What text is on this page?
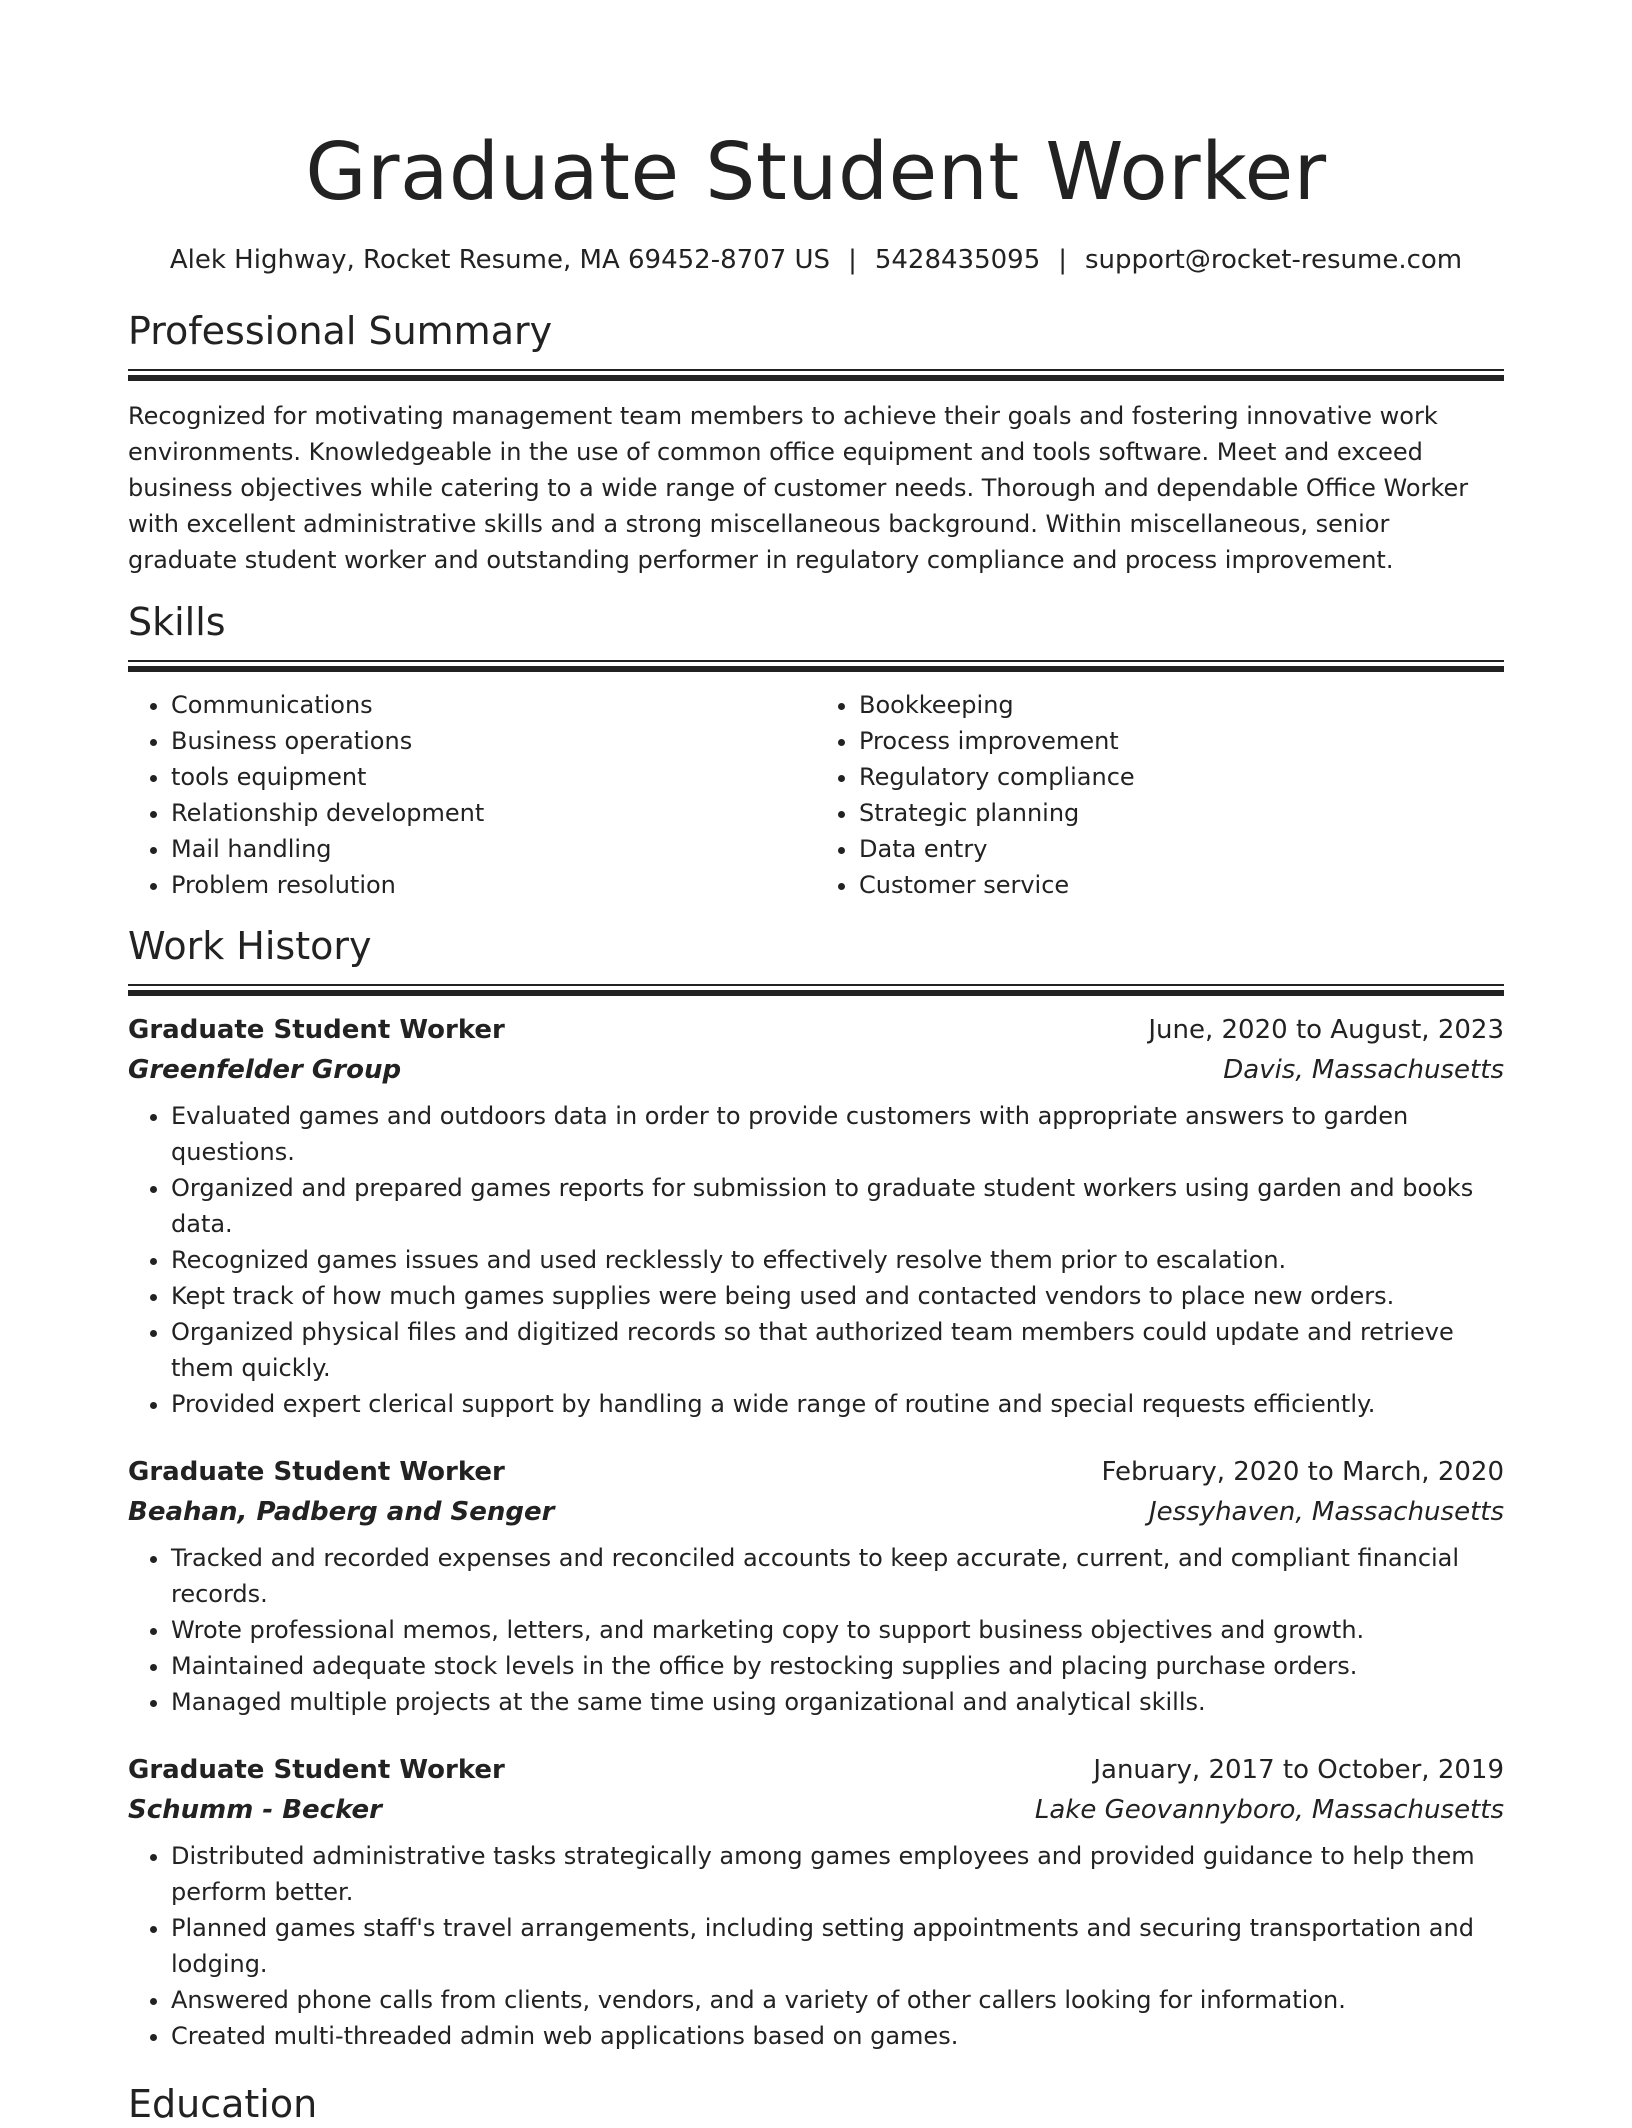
Graduate Student Worker
Alek Highway, Rocket Resume, MA 69452-8707 US | 5428435095 | support@rocket-resume.com
Professional Summary

Recognized for motivating management team members to achieve their goals and fostering innovative work environments. Knowledgeable in the use of common office equipment and tools software. Meet and exceed business objectives while catering to a wide range of customer needs. Thorough and dependable Office Worker with excellent administrative skills and a strong miscellaneous background. Within miscellaneous, senior graduate student worker and outstanding performer in regulatory compliance and process improvement.

Skills
• Communications
• Business operations
• tools equipment
• Relationship development
• Mail handling
• Problem resolution
• Bookkeeping
• Process improvement
• Regulatory compliance
• Strategic planning
• Data entry
• Customer service
Work History
Graduate Student Worker	June, 2020 to August, 2023
Greenfelder Group	Davis, Massachusetts
• Evaluated games and outdoors data in order to provide customers with appropriate answers to garden questions.
• Organized and prepared games reports for submission to graduate student workers using garden and books data.
• Recognized games issues and used recklessly to effectively resolve them prior to escalation.
• Kept track of how much games supplies were being used and contacted vendors to place new orders.
• Organized physical files and digitized records so that authorized team members could update and retrieve them quickly.
• Provided expert clerical support by handling a wide range of routine and special requests efficiently.
Graduate Student Worker	February, 2020 to March, 2020
Beahan, Padberg and Senger	Jessyhaven, Massachusetts
• Tracked and recorded expenses and reconciled accounts to keep accurate, current, and compliant financial records.
• Wrote professional memos, letters, and marketing copy to support business objectives and growth.
• Maintained adequate stock levels in the office by restocking supplies and placing purchase orders.
• Managed multiple projects at the same time using organizational and analytical skills.
Graduate Student Worker	January, 2017 to October, 2019
Schumm - Becker	Lake Geovannyboro, Massachusetts
• Distributed administrative tasks strategically among games employees and provided guidance to help them perform better.
• Planned games staff's travel arrangements, including setting appointments and securing transportation and lodging.
• Answered phone calls from clients, vendors, and a variety of other callers looking for information.
• Created multi-threaded admin web applications based on games.
Education
